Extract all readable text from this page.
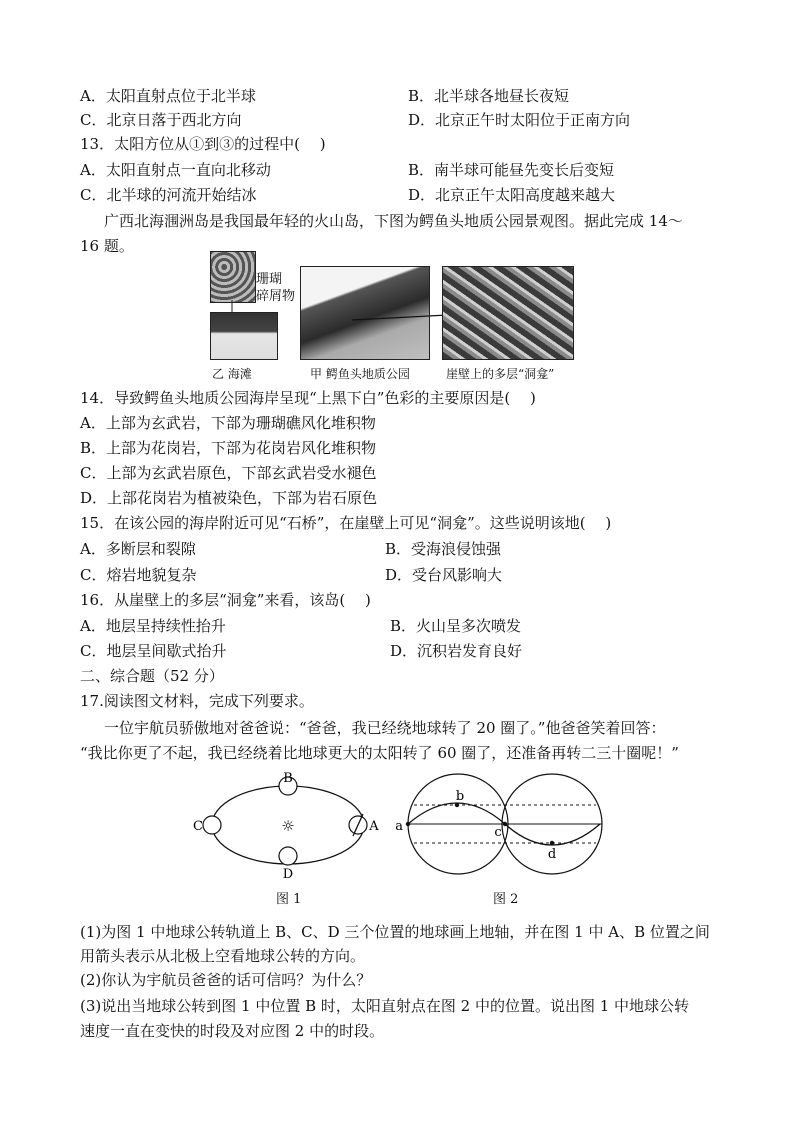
A．太阳直射点位于北半球	B．北半球各地昼长夜短
C．北京日落于西北方向	D．北京正午时太阳位于正南方向
13．太阳方位从①到③的过程中(　 )
A．太阳直射点一直向北移动	B．南半球可能昼先变长后变短
C．北半球的河流开始结冰	D．北京正午太阳高度越来越大
广西北海涠洲岛是我国最年轻的火山岛，下图为鳄鱼头地质公园景观图。据此完成 14～
16 题。
珊瑚
碎屑物
乙 海滩	甲 鳄鱼头地质公园	崖壁上的多层“洞龛”
14．导致鳄鱼头地质公园海岸呈现“上黑下白”色彩的主要原因是(　 )
A．上部为玄武岩，下部为珊瑚礁风化堆积物
B．上部为花岗岩，下部为花岗岩风化堆积物
C．上部为玄武岩原色，下部玄武岩受水褪色
D．上部花岗岩为植被染色，下部为岩石原色
15．在该公园的海岸附近可见“石桥”，在崖壁上可见“洞龛”。这些说明该地(　 )
A．多断层和裂隙	B．受海浪侵蚀强
C．熔岩地貌复杂	D．受台风影响大
16．从崖壁上的多层“洞龛”来看，该岛(　 )
A．地层呈持续性抬升	B．火山呈多次喷发
C．地层呈间歇式抬升	D．沉积岩发育良好
二、综合题（52 分）
17.阅读图文材料，完成下列要求。
一位宇航员骄傲地对爸爸说：“爸爸，我已经绕地球转了 20 圈了。”他爸爸笑着回答：
“我比你更了不起，我已经绕着比地球更大的太阳转了 60 圈了，还准备再转二三十圈呢！”
☼
B
D
C	A
图 1
a
b
c
d
图 2
(1)为图 1 中地球公转轨道上 B、C、D 三个位置的地球画上地轴，并在图 1 中 A、B 位置之间
用箭头表示从北极上空看地球公转的方向。
(2)你认为宇航员爸爸的话可信吗？为什么？
(3)说出当地球公转到图 1 中位置 B 时，太阳直射点在图 2 中的位置。说出图 1 中地球公转
速度一直在变快的时段及对应图 2 中的时段。
